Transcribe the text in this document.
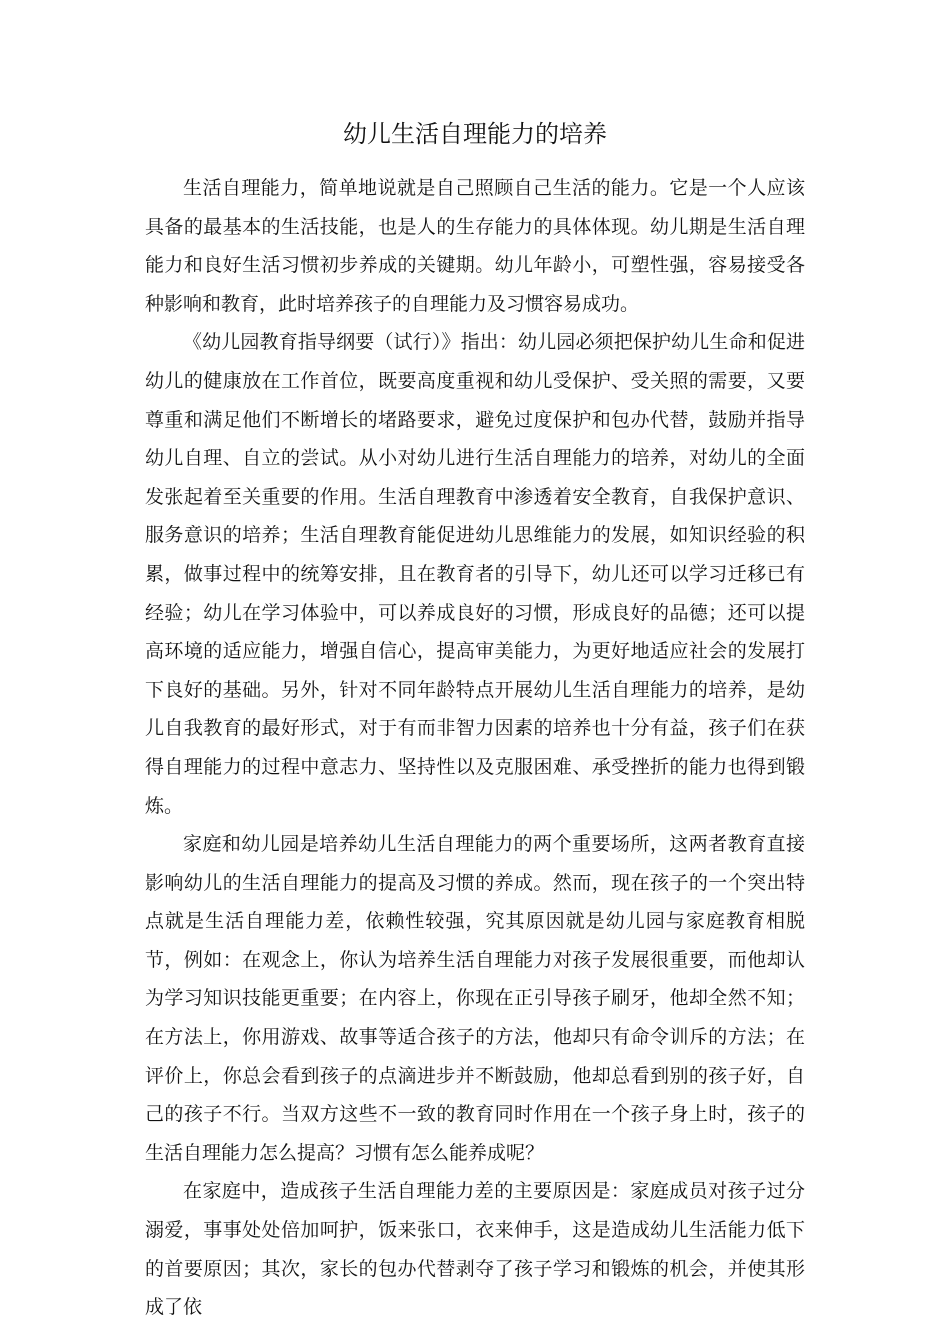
幼儿生活自理能力的培养

生活自理能力，简单地说就是自己照顾自己生活的能力。它是一个人应该具备的最基本的生活技能，也是人的生存能力的具体体现。幼儿期是生活自理能力和良好生活习惯初步养成的关键期。幼儿年龄小，可塑性强，容易接受各种影响和教育，此时培养孩子的自理能力及习惯容易成功。

《幼儿园教育指导纲要（试行）》指出：幼儿园必须把保护幼儿生命和促进幼儿的健康放在工作首位，既要高度重视和幼儿受保护、受关照的需要，又要尊重和满足他们不断增长的堵路要求，避免过度保护和包办代替，鼓励并指导幼儿自理、自立的尝试。从小对幼儿进行生活自理能力的培养，对幼儿的全面发张起着至关重要的作用。生活自理教育中渗透着安全教育，自我保护意识、服务意识的培养；生活自理教育能促进幼儿思维能力的发展，如知识经验的积累，做事过程中的统筹安排，且在教育者的引导下，幼儿还可以学习迁移已有经验；幼儿在学习体验中，可以养成良好的习惯，形成良好的品德；还可以提高环境的适应能力，增强自信心，提高审美能力，为更好地适应社会的发展打下良好的基础。另外，针对不同年龄特点开展幼儿生活自理能力的培养，是幼儿自我教育的最好形式，对于有而非智力因素的培养也十分有益，孩子们在获得自理能力的过程中意志力、坚持性以及克服困难、承受挫折的能力也得到锻炼。

家庭和幼儿园是培养幼儿生活自理能力的两个重要场所，这两者教育直接影响幼儿的生活自理能力的提高及习惯的养成。然而，现在孩子的一个突出特点就是生活自理能力差，依赖性较强，究其原因就是幼儿园与家庭教育相脱节，例如：在观念上，你认为培养生活自理能力对孩子发展很重要，而他却认为学习知识技能更重要；在内容上，你现在正引导孩子刷牙，他却全然不知；在方法上，你用游戏、故事等适合孩子的方法，他却只有命令训斥的方法；在评价上，你总会看到孩子的点滴进步并不断鼓励，他却总看到别的孩子好，自己的孩子不行。当双方这些不一致的教育同时作用在一个孩子身上时，孩子的生活自理能力怎么提高？习惯有怎么能养成呢？

在家庭中，造成孩子生活自理能力差的主要原因是：家庭成员对孩子过分溺爱，事事处处倍加呵护，饭来张口，衣来伸手，这是造成幼儿生活能力低下的首要原因；其次，家长的包办代替剥夺了孩子学习和锻炼的机会，并使其形成了依
